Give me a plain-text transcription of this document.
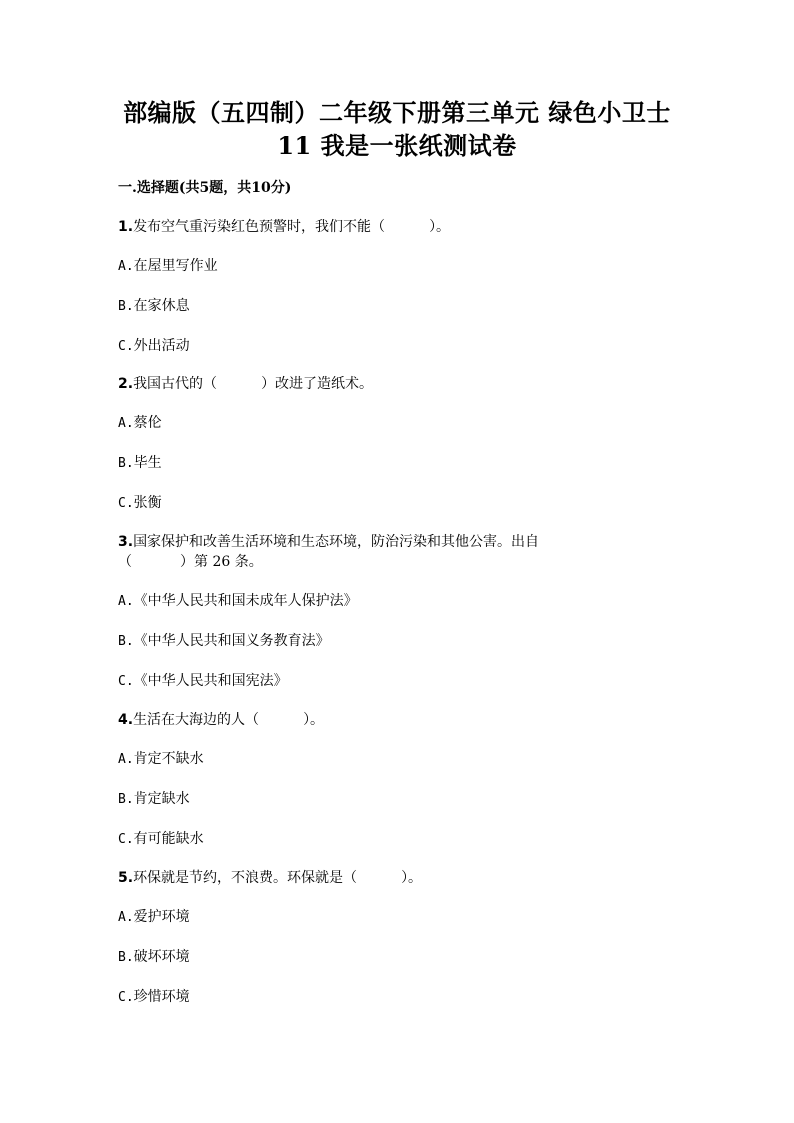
部编版（五四制）二年级下册第三单元 绿色小卫士
11 我是一张纸测试卷
一.选择题(共5题，共10分)
1.发布空气重污染红色预警时，我们不能（	）。
A.在屋里写作业
B.在家休息
C.外出活动
2.我国古代的（	）改进了造纸术。
A.蔡伦
B.毕生
C.张衡
3.国家保护和改善生活环境和生态环境，防治污染和其他公害。出自
（	）第 26 条。
A.《中华人民共和国未成年人保护法》
B.《中华人民共和国义务教育法》
C.《中华人民共和国宪法》
4.生活在大海边的人（	）。
A.肯定不缺水
B.肯定缺水
C.有可能缺水
5.环保就是节约，不浪费。环保就是（	）。
A.爱护环境
B.破坏环境
C.珍惜环境
